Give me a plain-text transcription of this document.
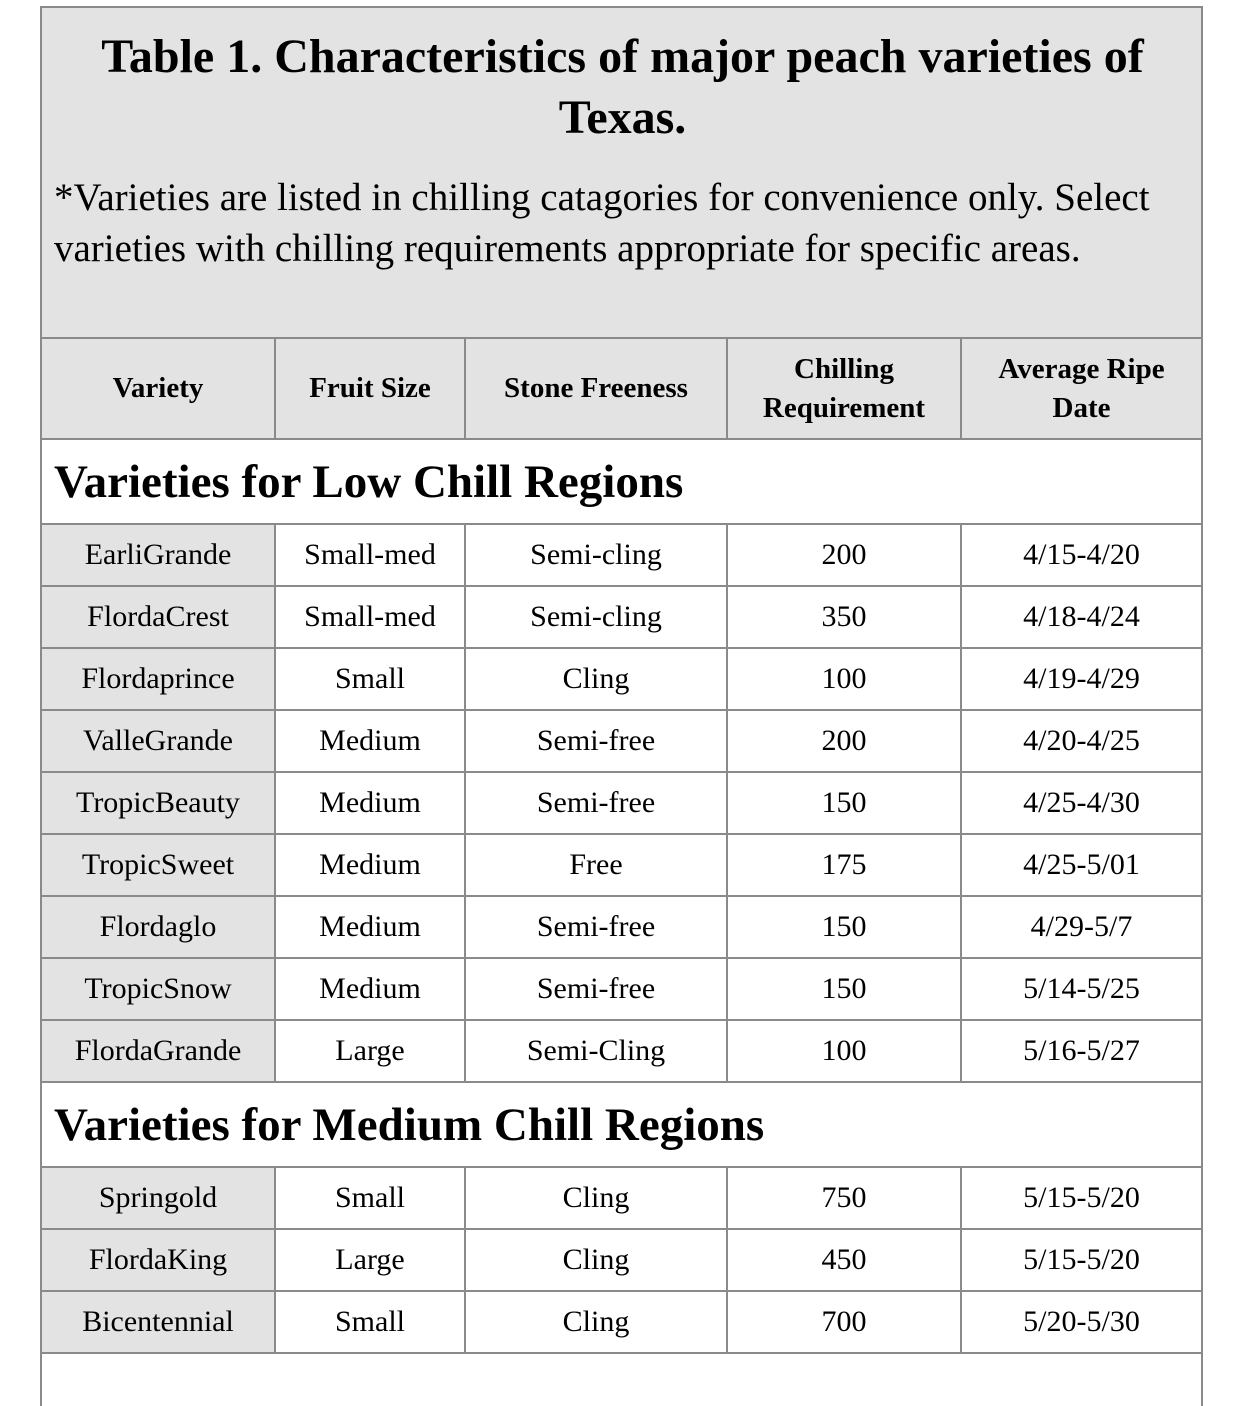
Table 1. Characteristics of major peach varieties of Texas.

*Varieties are listed in chilling catagories for convenience only. Select varieties with chilling requirements appropriate for specific areas.

Variety	Fruit Size	Stone Freeness	Chilling Requirement	Average Ripe Date
Varieties for Low Chill Regions				
EarliGrande	Small-med	Semi-cling	200	4/15-4/20
FlordaCrest	Small-med	Semi-cling	350	4/18-4/24
Flordaprince	Small	Cling	100	4/19-4/29
ValleGrande	Medium	Semi-free	200	4/20-4/25
TropicBeauty	Medium	Semi-free	150	4/25-4/30
TropicSweet	Medium	Free	175	4/25-5/01
Flordaglo	Medium	Semi-free	150	4/29-5/7
TropicSnow	Medium	Semi-free	150	5/14-5/25
FlordaGrande	Large	Semi-Cling	100	5/16-5/27
Varieties for Medium Chill Regions				
Springold	Small	Cling	750	5/15-5/20
FlordaKing	Large	Cling	450	5/15-5/20
Bicentennial	Small	Cling	700	5/20-5/30
